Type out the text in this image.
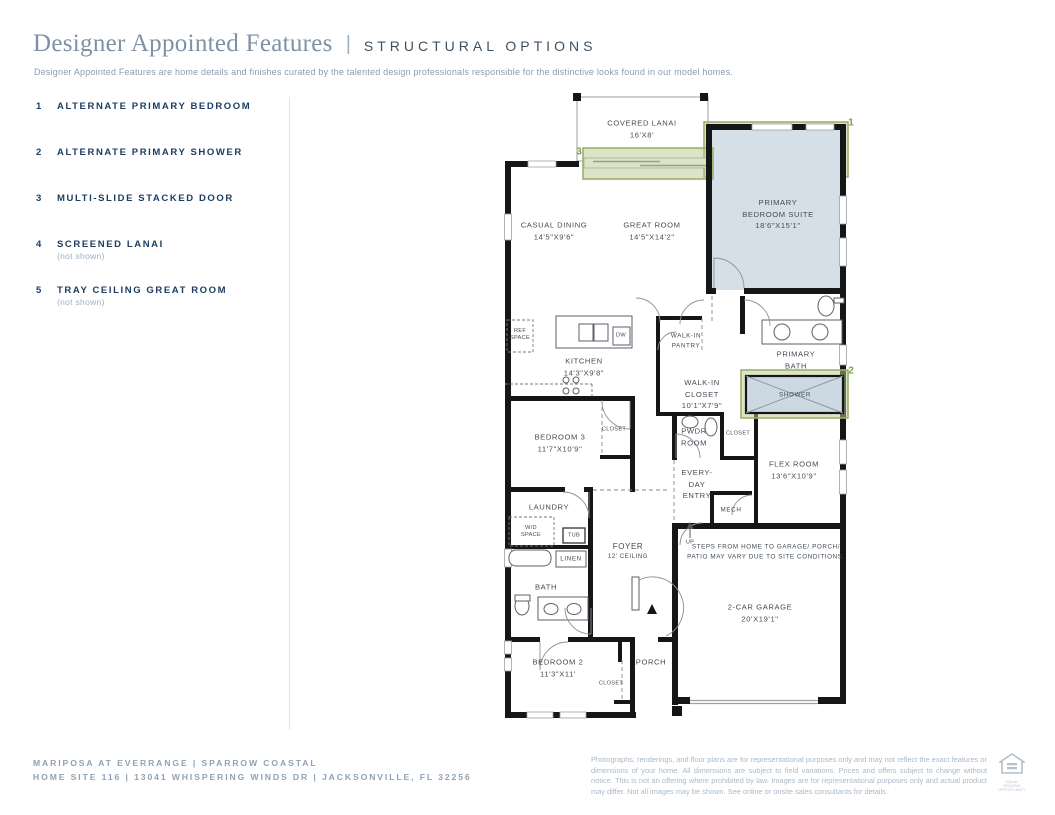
Designer Appointed Features | STRUCTURAL OPTIONS
Designer Appointed Features are home details and finishes curated by the talented design professionals responsible for the distinctive looks found in our model homes.
1 ALTERNATE PRIMARY BEDROOM
2 ALTERNATE PRIMARY SHOWER
3 MULTI-SLIDE STACKED DOOR
4 SCREENED LANAI
(not shown)
5 TRAY CEILING GREAT ROOM
(not shown)
COVERED LANAI
16'X8'
CASUAL DINING
14'5"X9'6"
GREAT ROOM
14'5"X14'2"
PRIMARY
BEDROOM SUITE
18'6"X15'1"
KITCHEN
14'3"X9'8"
REF
SPACE	DW	WALK-IN
PANTRY
PRIMARY
BATH
SHOWER
WALK-IN
CLOSET
10'1"X7'9"
BEDROOM 3
11'7"X10'9"
CLOSET	PWDR
ROOM
CLOSET
FLEX ROOM
13'6"X10'9"
EVERY-
DAY
ENTRY
MECH
LAUNDRY
W/D
SPACE	TUB
LINEN
BATH
FOYER
12' CEILING
UP
STEPS FROM HOME TO GARAGE/ PORCH/
PATIO MAY VARY DUE TO SITE CONDITIONS.
2-CAR GARAGE
20'X19'1"
BEDROOM 2
11'3"X11'
CLOSET
PORCH
1
2
3
MARIPOSA AT EVERRANGE | SPARROW COASTAL
HOME SITE 116 | 13041 WHISPERING WINDS DR | JACKSONVILLE, FL 32256
Photographs, renderings, and floor plans are for representational purposes only and may not reflect the exact features or dimensions of your home. All dimensions are subject to field variations. Prices and offers subject to change without notice. This is not an offering where prohibited by law. Images are for representational purposes only and actual product may differ. Not all images may be shown. See online or onsite sales consultants for details.
EQUAL HOUSING
OPPORTUNITY
